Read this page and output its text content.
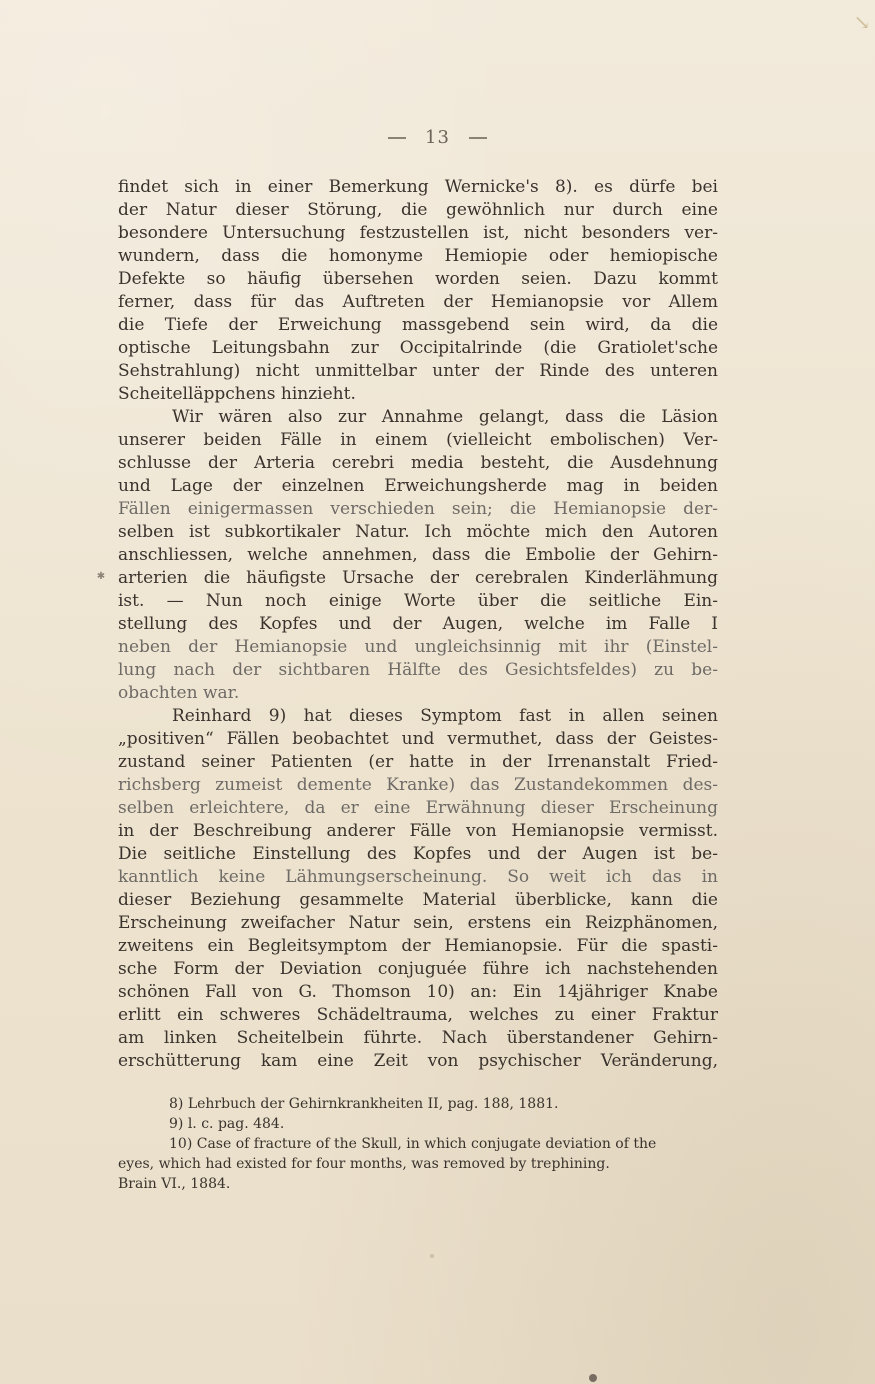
↘
✱
13
findet sich in einer Bemerkung Wernicke's 8). es dürfe bei
der Natur dieser Störung, die gewöhnlich nur durch eine
besondere Untersuchung festzustellen ist, nicht besonders ver-
wundern, dass die homonyme Hemiopie oder hemiopische
Defekte so häufig übersehen worden seien. Dazu kommt
ferner, dass für das Auftreten der Hemianopsie vor Allem
die Tiefe der Erweichung massgebend sein wird, da die
optische Leitungsbahn zur Occipitalrinde (die Gratiolet'sche
Sehstrahlung) nicht unmittelbar unter der Rinde des unteren
Scheitelläppchens hinzieht.
Wir wären also zur Annahme gelangt, dass die Läsion
unserer beiden Fälle in einem (vielleicht embolischen) Ver-
schlusse der Arteria cerebri media besteht, die Ausdehnung
und Lage der einzelnen Erweichungsherde mag in beiden
Fällen einigermassen verschieden sein; die Hemianopsie der-
selben ist subkortikaler Natur. Ich möchte mich den Autoren
anschliessen, welche annehmen, dass die Embolie der Gehirn-
arterien die häufigste Ursache der cerebralen Kinderlähmung
ist. — Nun noch einige Worte über die seitliche Ein-
stellung des Kopfes und der Augen, welche im Falle I
neben der Hemianopsie und ungleichsinnig mit ihr (Einstel-
lung nach der sichtbaren Hälfte des Gesichtsfeldes) zu be-
obachten war.
Reinhard 9) hat dieses Symptom fast in allen seinen
„positiven“ Fällen beobachtet und vermuthet, dass der Geistes-
zustand seiner Patienten (er hatte in der Irrenanstalt Fried-
richsberg zumeist demente Kranke) das Zustandekommen des-
selben erleichtere, da er eine Erwähnung dieser Erscheinung
in der Beschreibung anderer Fälle von Hemianopsie vermisst.
Die seitliche Einstellung des Kopfes und der Augen ist be-
kanntlich keine Lähmungserscheinung. So weit ich das in
dieser Beziehung gesammelte Material überblicke, kann die
Erscheinung zweifacher Natur sein, erstens ein Reizphänomen,
zweitens ein Begleitsymptom der Hemianopsie. Für die spasti-
sche Form der Deviation conjuguée führe ich nachstehenden
schönen Fall von G. Thomson 10) an: Ein 14jähriger Knabe
erlitt ein schweres Schädeltrauma, welches zu einer Fraktur
am linken Scheitelbein führte. Nach überstandener Gehirn-
erschütterung kam eine Zeit von psychischer Veränderung,
8) Lehrbuch der Gehirnkrankheiten II, pag. 188, 1881.
9) l. c. pag. 484.
10) Case of fracture of the Skull, in which conjugate deviation of the
eyes, which had existed for four months, was removed by trephining.
Brain VI., 1884.
